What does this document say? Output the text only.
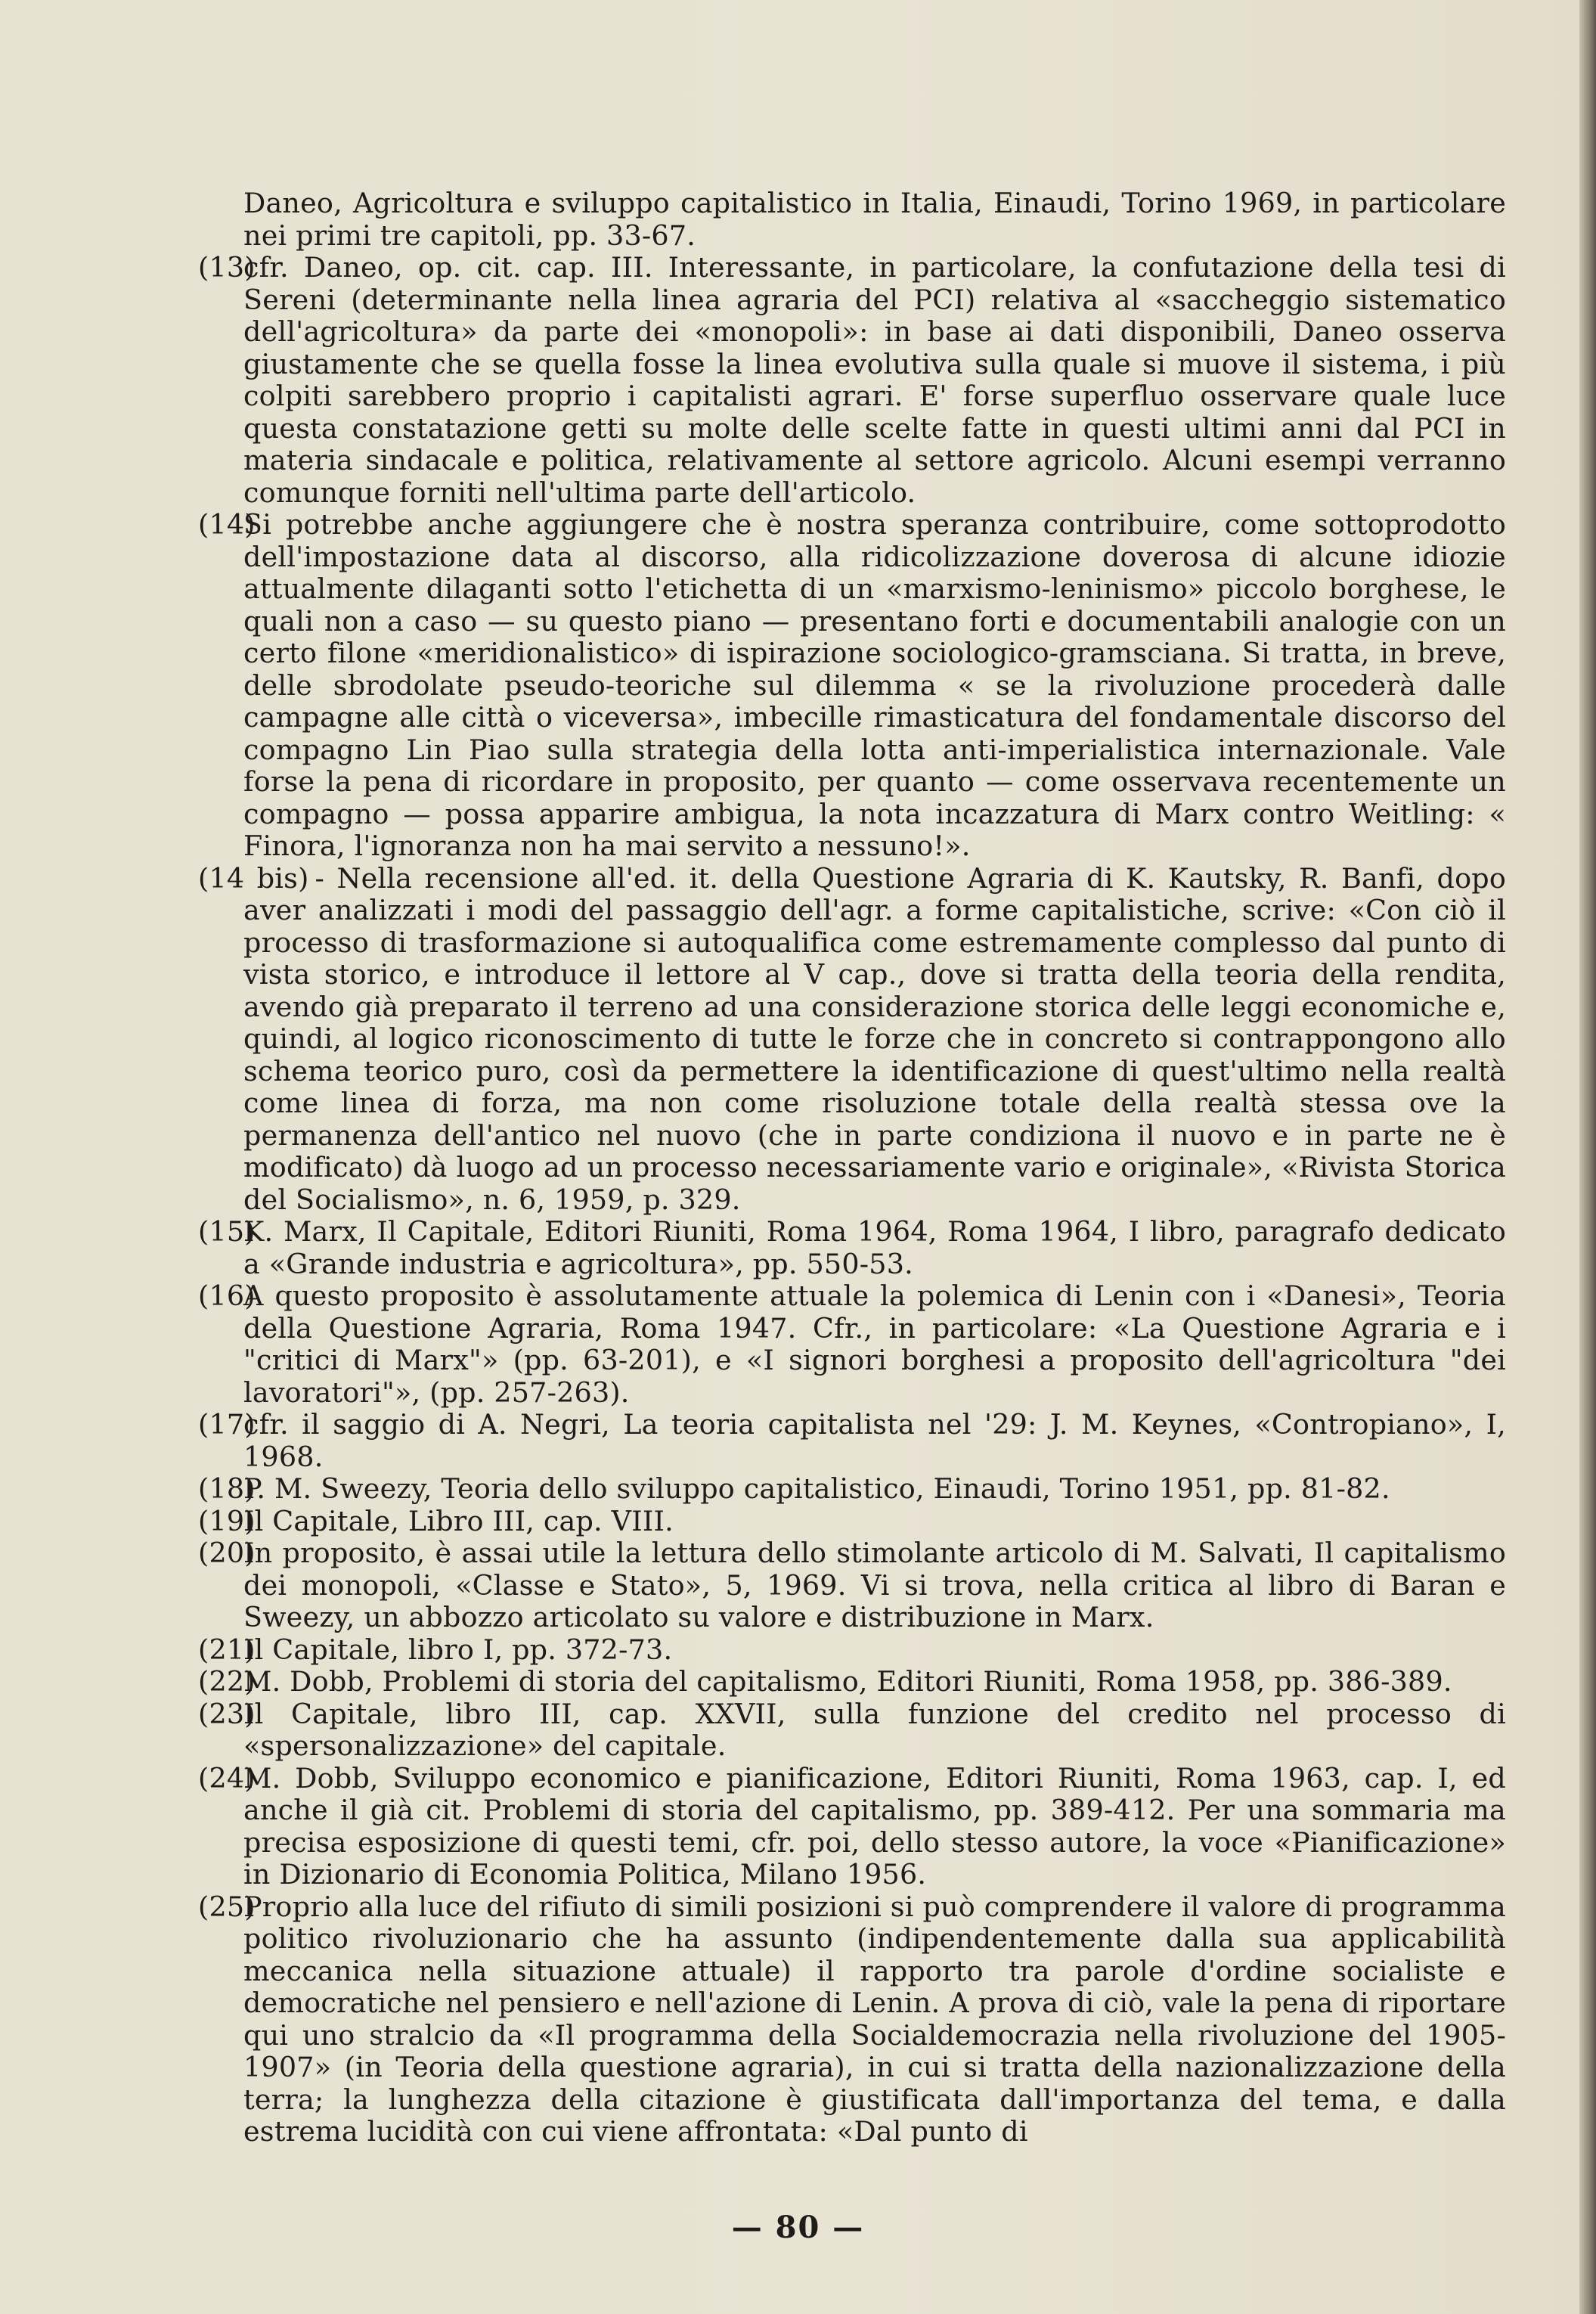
Daneo, Agricoltura e sviluppo capitalistico in Italia, Einaudi, Torino 1969, in particolare nei primi tre capitoli, pp. 33-67.

(13)
cfr. Daneo, op. cit. cap. III. Interessante, in particolare, la confutazione della tesi di Sereni (determinante nella linea agraria del PCI) relativa al «saccheggio sistematico dell'agricoltura» da parte dei «monopoli»: in base ai dati disponibili, Daneo osserva giustamente che se quella fosse la linea evolutiva sulla quale si muove il sistema, i più colpiti sarebbero proprio i capitalisti agrari. E' forse superfluo osservare quale luce questa constatazione getti su molte delle scelte fatte in questi ultimi anni dal PCI in materia sindacale e politica, relativamente al settore agricolo. Alcuni esempi verranno comunque forniti nell'ultima parte dell'articolo.
(14)
Si potrebbe anche aggiungere che è nostra speranza contribuire, come sottoprodotto dell'impostazione data al discorso, alla ridicolizzazione doverosa di alcune idiozie attualmente dilaganti sotto l'etichetta di un «marxismo-leninismo» piccolo borghese, le quali non a caso — su questo piano — presentano forti e documentabili analogie con un certo filone «meridionalistico» di ispirazione sociologico-gramsciana. Si tratta, in breve, delle sbrodolate pseudo-teoriche sul dilemma « se la rivoluzione procederà dalle campagne alle città o viceversa», imbecille rimasticatura del fondamentale discorso del compagno Lin Piao sulla strategia della lotta anti-imperialistica internazionale. Vale forse la pena di ricordare in proposito, per quanto — come osservava recentemente un compagno — possa apparire ambigua, la nota incazzatura di Marx contro Weitling: « Finora, l'ignoranza non ha mai servito a nessuno!».
(14 bis) - Nella recensione all'ed. it. della Questione Agraria di K. Kautsky, R. Banfi, dopo aver analizzati i modi del passaggio dell'agr. a forme capitalistiche, scrive: «Con ciò il processo di trasformazione si autoqualifica come estremamente complesso dal punto di vista storico, e introduce il lettore al V cap., dove si tratta della teoria della rendita, avendo già preparato il terreno ad una considerazione storica delle leggi economiche e, quindi, al logico riconoscimento di tutte le forze che in concreto si contrappongono allo schema teorico puro, così da permettere la identificazione di quest'ultimo nella realtà come linea di forza, ma non come risoluzione totale della realtà stessa ove la permanenza dell'antico nel nuovo (che in parte condiziona il nuovo e in parte ne è modificato) dà luogo ad un processo necessariamente vario e originale», «Rivista Storica del Socialismo», n. 6, 1959, p. 329.
(15)
K. Marx, Il Capitale, Editori Riuniti, Roma 1964, Roma 1964, I libro, paragrafo dedicato a «Grande industria e agricoltura», pp. 550-53.
(16)
A questo proposito è assolutamente attuale la polemica di Lenin con i «Danesi», Teoria della Questione Agraria, Roma 1947. Cfr., in particolare: «La Questione Agraria e i "critici di Marx"» (pp. 63-201), e «I signori borghesi a proposito dell'agricoltura "dei lavoratori"», (pp. 257-263).
(17)
cfr. il saggio di A. Negri, La teoria capitalista nel '29: J. M. Keynes, «Contropiano», I, 1968.
(18)
P. M. Sweezy, Teoria dello sviluppo capitalistico, Einaudi, Torino 1951, pp. 81-82.
(19)
Il Capitale, Libro III, cap. VIII.
(20)
In proposito, è assai utile la lettura dello stimolante articolo di M. Salvati, Il capitalismo dei monopoli, «Classe e Stato», 5, 1969. Vi si trova, nella critica al libro di Baran e Sweezy, un abbozzo articolato su valore e distribuzione in Marx.
(21)
Il Capitale, libro I, pp. 372-73.
(22)
M. Dobb, Problemi di storia del capitalismo, Editori Riuniti, Roma 1958, pp. 386-389.
(23)
Il Capitale, libro III, cap. XXVII, sulla funzione del credito nel processo di «spersonalizzazione» del capitale.
(24)
M. Dobb, Sviluppo economico e pianificazione, Editori Riuniti, Roma 1963, cap. I, ed anche il già cit. Problemi di storia del capitalismo, pp. 389-412. Per una sommaria ma precisa esposizione di questi temi, cfr. poi, dello stesso autore, la voce «Pianificazione» in Dizionario di Economia Politica, Milano 1956.
(25)
Proprio alla luce del rifiuto di simili posizioni si può comprendere il valore di programma politico rivoluzionario che ha assunto (indipendentemente dalla sua applicabilità meccanica nella situazione attuale) il rapporto tra parole d'ordine socialiste e democratiche nel pensiero e nell'azione di Lenin. A prova di ciò, vale la pena di riportare qui uno stralcio da «Il programma della Socialdemocrazia nella rivoluzione del 1905-1907» (in Teoria della questione agraria), in cui si tratta della nazionalizzazione della terra; la lunghezza della citazione è giustificata dall'importanza del tema, e dalla estrema lucidità con cui viene affrontata: «Dal punto di
— 80 —
